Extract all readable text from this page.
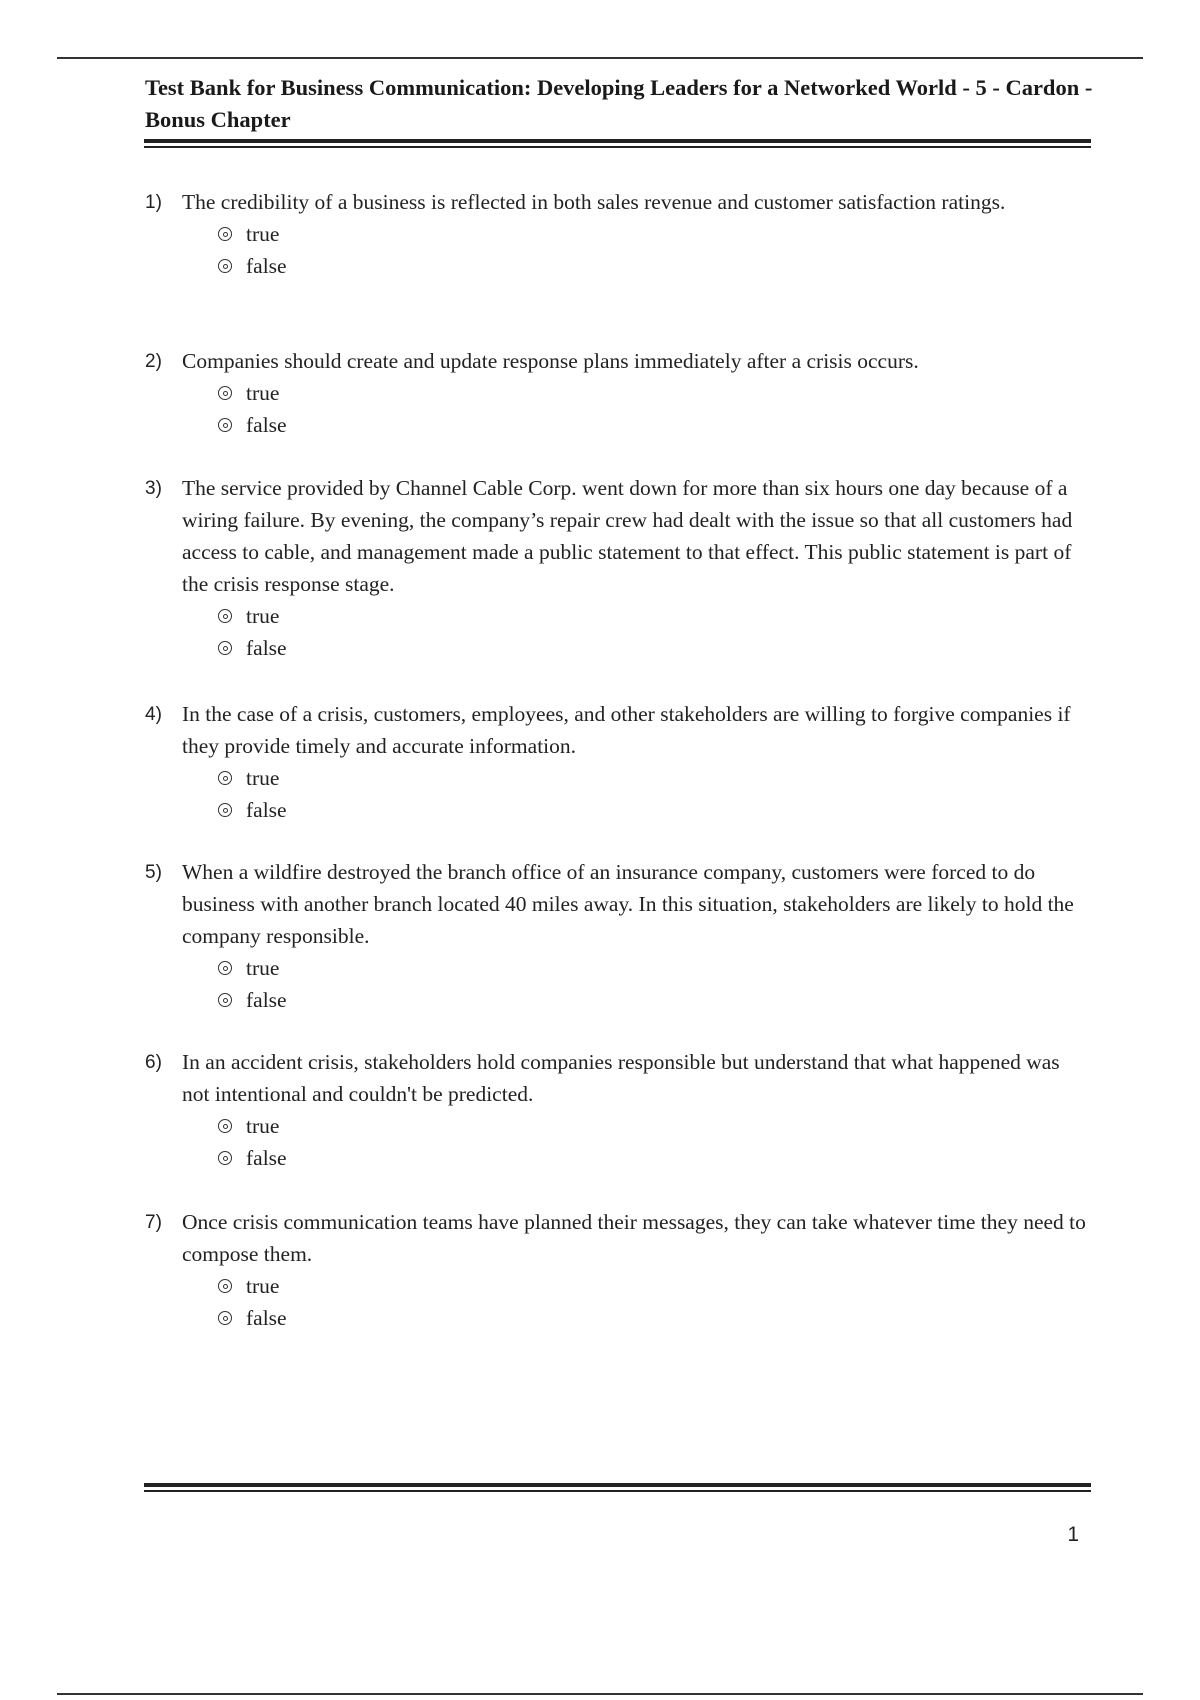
Test Bank for Business Communication: Developing Leaders for a Networked World - 5 - Cardon - Bonus Chapter
1) The credibility of a business is reflected in both sales revenue and customer satisfaction ratings.
true
false
2) Companies should create and update response plans immediately after a crisis occurs.
true
false
3) The service provided by Channel Cable Corp. went down for more than six hours one day because of a wiring failure. By evening, the company’s repair crew had dealt with the issue so that all customers had access to cable, and management made a public statement to that effect. This public statement is part of the crisis response stage.
true
false
4) In the case of a crisis, customers, employees, and other stakeholders are willing to forgive companies if they provide timely and accurate information.
true
false
5) When a wildfire destroyed the branch office of an insurance company, customers were forced to do business with another branch located 40 miles away. In this situation, stakeholders are likely to hold the company responsible.
true
false
6) In an accident crisis, stakeholders hold companies responsible but understand that what happened was not intentional and couldn't be predicted.
true
false
7) Once crisis communication teams have planned their messages, they can take whatever time they need to compose them.
true
false
1
